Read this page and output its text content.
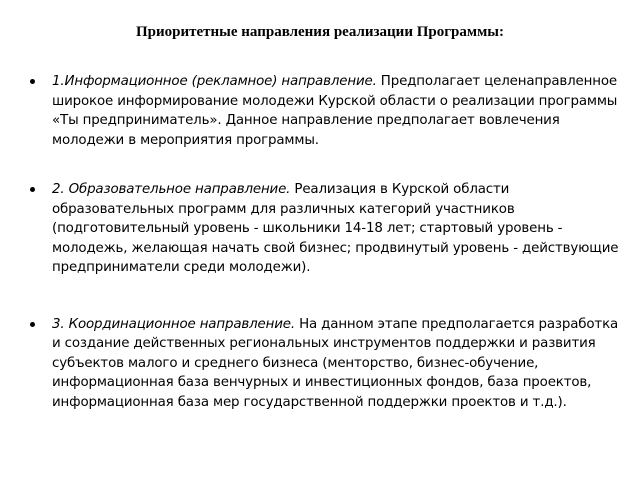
Приоритетные направления реализации Программы:
1.Информационное (рекламное) направление. Предполагает целенаправленное широкое информирование молодежи Курской области о реализации программы «Ты предприниматель». Данное направление предполагает вовлечения молодежи в мероприятия программы.
2. Образовательное направление. Реализация в Курской области образовательных программ для различных категорий участников (подготовительный уровень - школьники 14-18 лет; стартовый уровень - молодежь, желающая начать свой бизнес; продвинутый уровень - действующие предприниматели среди молодежи).
3. Координационное направление. На данном этапе предполагается разработка и создание действенных региональных инструментов поддержки и развития субъектов малого и среднего бизнеса (менторство, бизнес-обучение, информационная база венчурных и инвестиционных фондов, база проектов, информационная база мер государственной поддержки проектов и т.д.).
